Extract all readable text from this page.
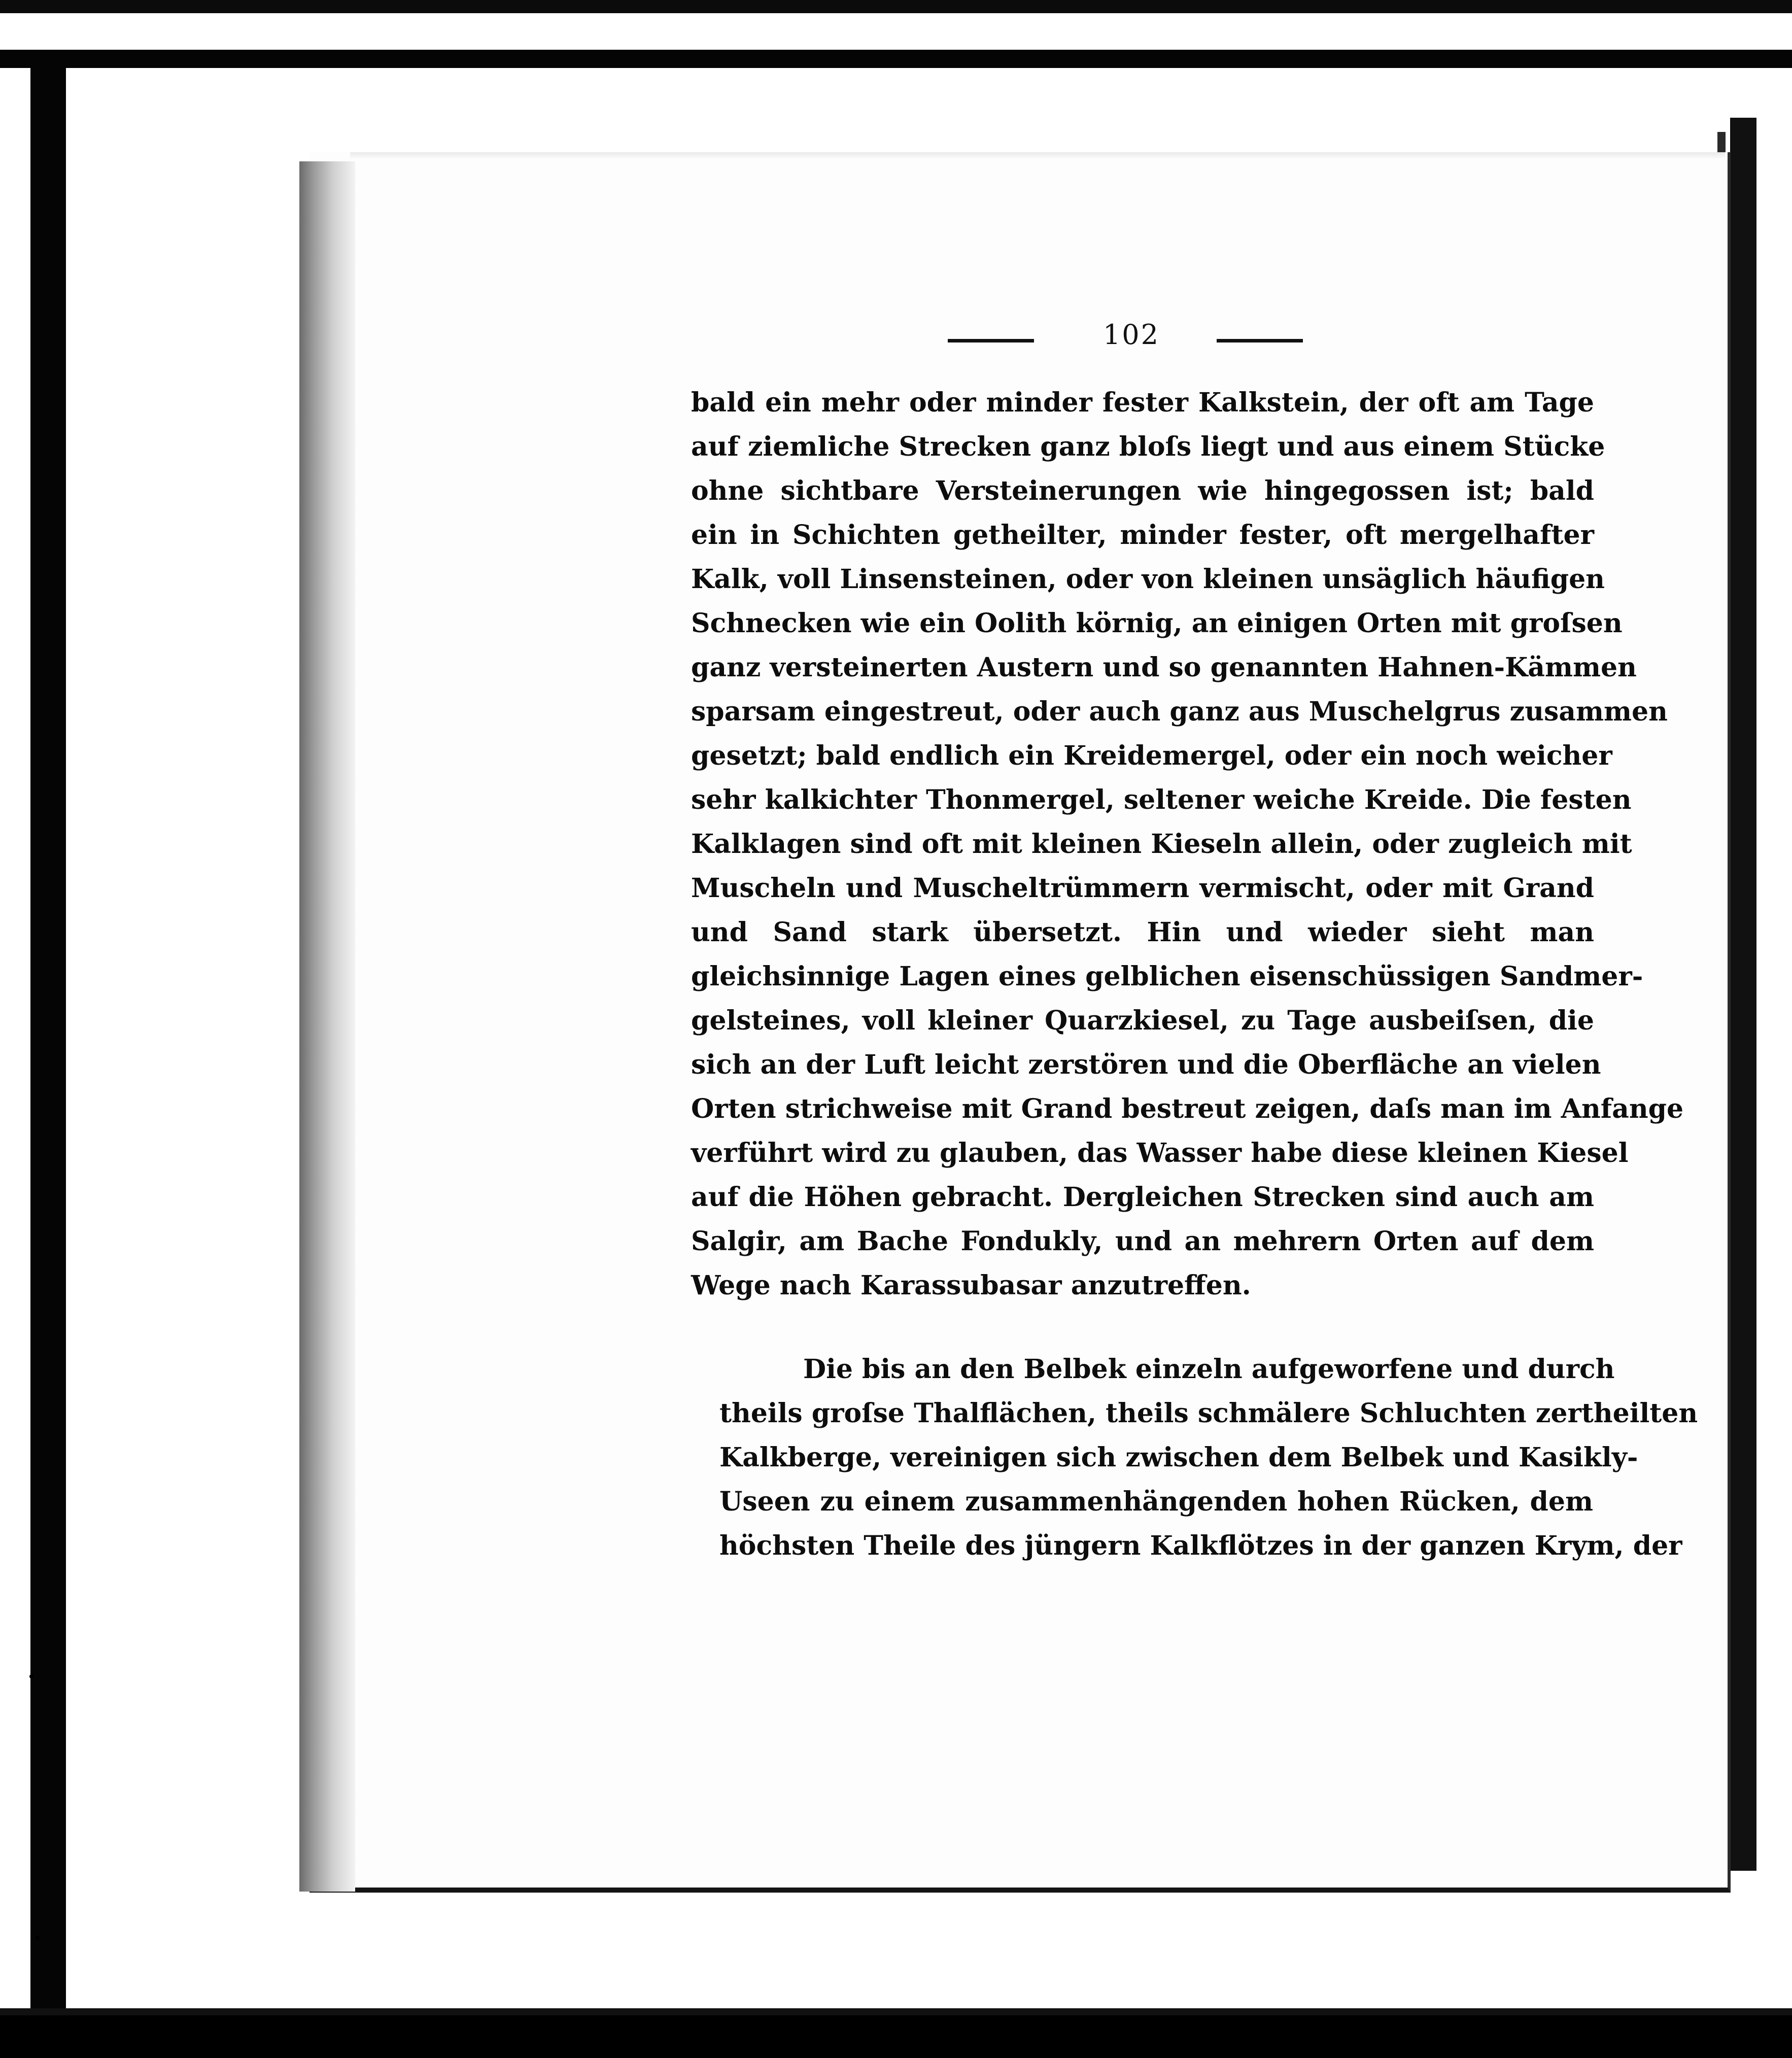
102
bald ein mehr oder minder fester Kalkstein, der oft am Tage
auf ziemliche Strecken ganz bloſs liegt und aus einem Stücke
ohne sichtbare Versteinerungen wie hingegossen ist; bald
ein in Schichten getheilter, minder fester, oft mergelhafter
Kalk, voll Linsensteinen, oder von kleinen unsäglich häufigen
Schnecken wie ein Oolith körnig, an einigen Orten mit groſsen
ganz versteinerten Austern und so genannten Hahnen-Kämmen
sparsam eingestreut, oder auch ganz aus Muschelgrus zusammen
gesetzt; bald endlich ein Kreidemergel, oder ein noch weicher
sehr kalkichter Thonmergel, seltener weiche Kreide. Die festen
Kalklagen sind oft mit kleinen Kieseln allein, oder zugleich mit
Muscheln und Muscheltrümmern vermischt, oder mit Grand
und Sand stark übersetzt. Hin und wieder sieht man
gleichsinnige Lagen eines gelblichen eisenschüssigen Sandmer-
gelsteines, voll kleiner Quarzkiesel, zu Tage ausbeiſsen, die
sich an der Luft leicht zerstören und die Oberfläche an vielen
Orten strichweise mit Grand bestreut zeigen, daſs man im Anfange
verführt wird zu glauben, das Wasser habe diese kleinen Kiesel
auf die Höhen gebracht. Dergleichen Strecken sind auch am
Salgir, am Bache Fondukly, und an mehrern Orten auf dem
Wege nach Karassubasar anzutreffen.
Die bis an den Belbek einzeln aufgeworfene und durch
theils groſse Thalflächen, theils schmälere Schluchten zertheilten
Kalkberge, vereinigen sich zwischen dem Belbek und Kasikly-
Useen zu einem zusammenhängenden hohen Rücken, dem
höchsten Theile des jüngern Kalkflötzes in der ganzen Krym, der
